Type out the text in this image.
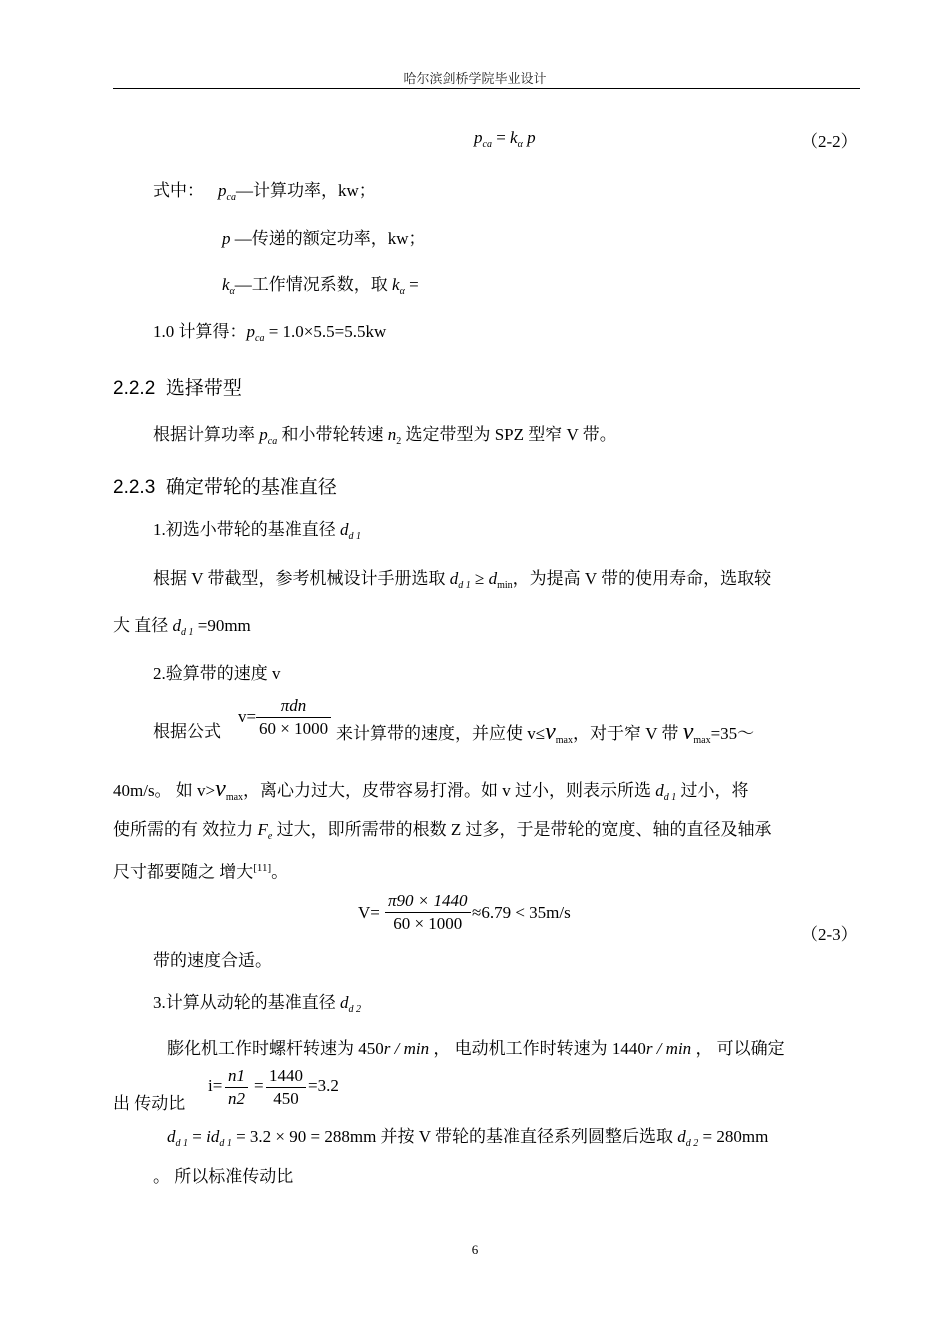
哈尔滨剑桥学院毕业设计
$p_{ca} = k_\alpha$ p	（2-2）
式中： $p_{ca}—$计算功率，kw；
p —传递的额定功率，kw；
$k_\alpha—$工作情况系数，取 $k_\alpha$ =
1.0 计算得：$p_{ca} = 1.0\times 5.5=5.5kw$
2.2.2 选择带型
根据计算功率 $p_{ca}$ 和小带轮转速 $n_2$ 选定带型为 SPZ 型窄 V 带。
2.2.3 确定带轮的基准直径
1.初选小带轮的基准直径 $d_{d 1}$
根据 V 带截型，参考机械设计手册选取 $d_{d 1} \ge d_{min}$，为提高 V 带的使用寿命，选取较
大 直径 $d_{d 1} =90mm$
2.验算带的速度 v
根据公式
$v= \frac{\text{πdn}}{60 \times 1000}$ 来计算带的速度，并应使 $v\le v_{max}$，对于窄 V 带 $v_{max}=35\sim$
40m/s。 如 $v>v_{max}$，离心力过大，皮带容易打滑。如 v 过小，则表示所选 $d_{d 1}$ 过小，将
使所需的有 效拉力 $F_e$ 过大，即所需带的根数 Z 过多，于是带轮的宽度、轴的直径及轴承
尺寸都要随之 增大[11]。
$V= \frac{\pi 90 \times 1440}{60 \times 1000} \approx 6.79 < 35m/s$
（2-3）
带的速度合适。
3.计算从动轮的基准直径 $d_{d 2}$
膨化机工作时螺杆转速为 450r / min ， 电动机工作时转速为 1440r / min ， 可以确定
出 传动比
$i= \frac{n1}{n2} = \frac{1440}{450} =3.2$
$d_{d 1} = id_{d 1} = 3.2 \times 90 = 288mm$ 并按 V 带轮的基准直径系列圆整后选取 $d_{d 2} = 280mm$
。 所以标准传动比
6
